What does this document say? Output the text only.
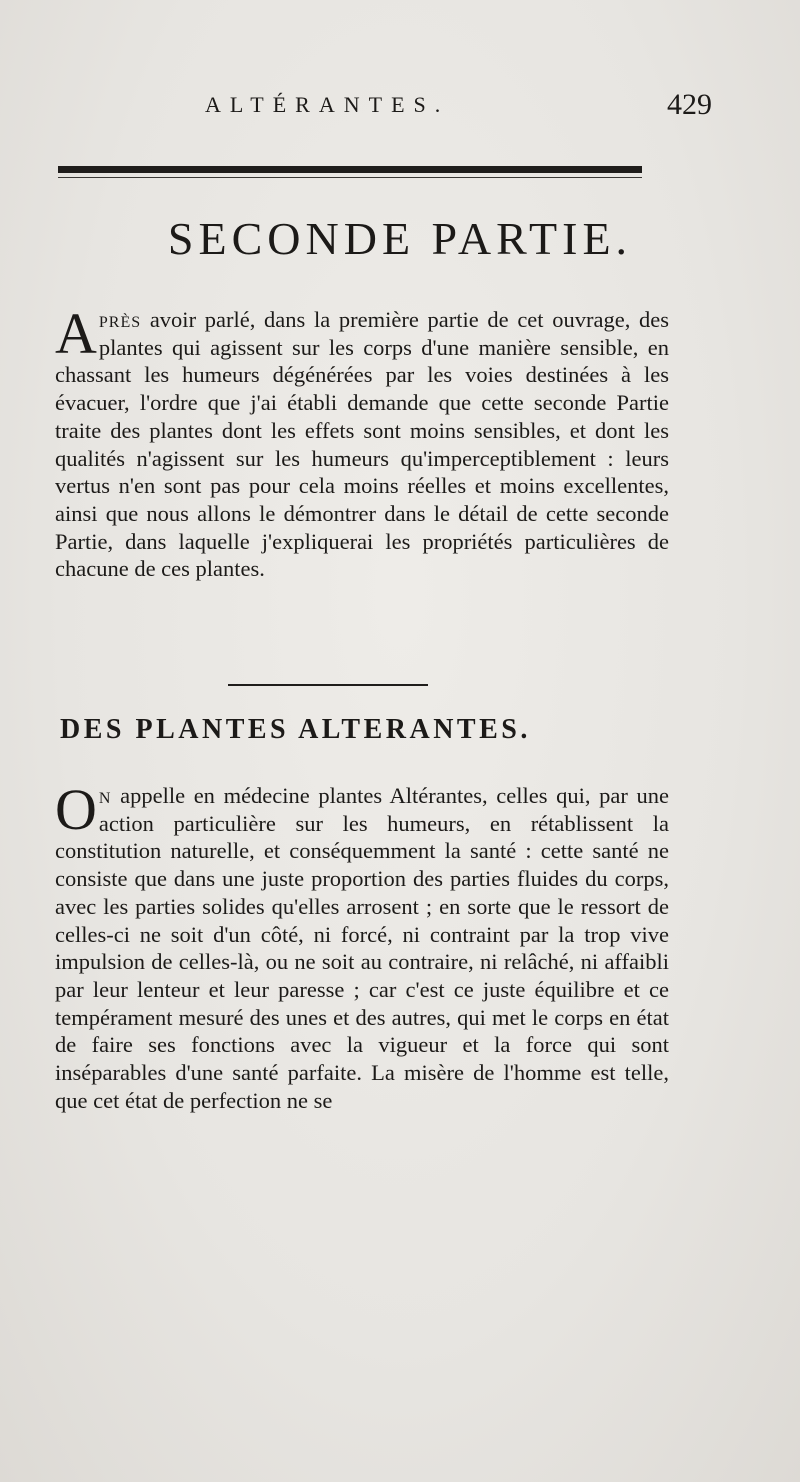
ALTÉRANTES.	429
SECONDE PARTIE.

Après avoir parlé, dans la première partie de cet ouvrage, des plantes qui agissent sur les corps d'une manière sensible, en chassant les humeurs dégénérées par les voies destinées à les évacuer, l'ordre que j'ai établi demande que cette seconde Partie traite des plantes dont les effets sont moins sensibles, et dont les qualités n'agissent sur les humeurs qu'imperceptiblement : leurs vertus n'en sont pas pour cela moins réelles et moins excellentes, ainsi que nous allons le démontrer dans le détail de cette seconde Partie, dans laquelle j'expliquerai les propriétés particulières de chacune de ces plantes.

DES PLANTES ALTERANTES.

On appelle en médecine plantes Altérantes, celles qui, par une action particulière sur les humeurs, en rétablissent la constitution naturelle, et conséquemment la santé : cette santé ne consiste que dans une juste proportion des parties fluides du corps, avec les parties solides qu'elles arrosent ; en sorte que le ressort de celles-ci ne soit d'un côté, ni forcé, ni contraint par la trop vive impulsion de celles-là, ou ne soit au contraire, ni relâché, ni affaibli par leur lenteur et leur paresse ; car c'est ce juste équilibre et ce tempérament mesuré des unes et des autres, qui met le corps en état de faire ses fonctions avec la vigueur et la force qui sont inséparables d'une santé parfaite. La misère de l'homme est telle, que cet état de perfection ne se
